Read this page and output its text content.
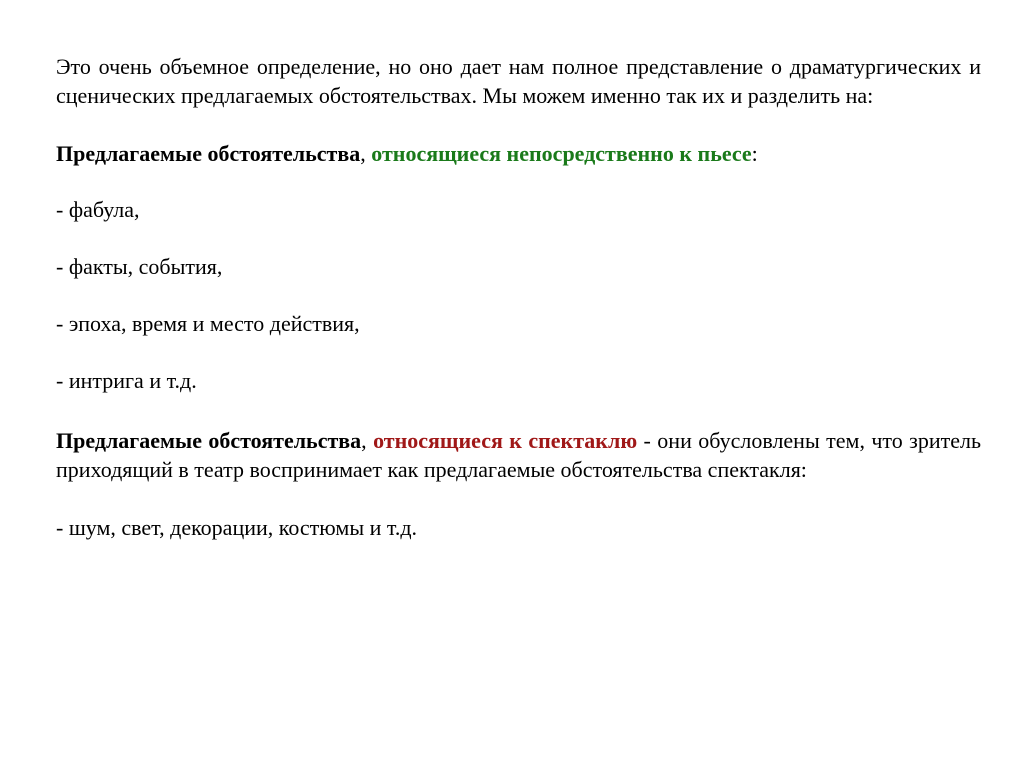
Это очень объемное определение, но оно дает нам полное представление о драматургических и сценических предлагаемых обстоятельствах. Мы можем именно так их и разделить на:

Предлагаемые обстоятельства, относящиеся непосредственно к пьесе:

- фабула,

- факты, события,

- эпоха, время и место действия,

- интрига и т.д.

Предлагаемые обстоятельства, относящиеся к спектаклю - они обусловлены тем, что зритель приходящий в театр воспринимает как предлагаемые обстоятельства спектакля:

- шум, свет, декорации, костюмы и т.д.
